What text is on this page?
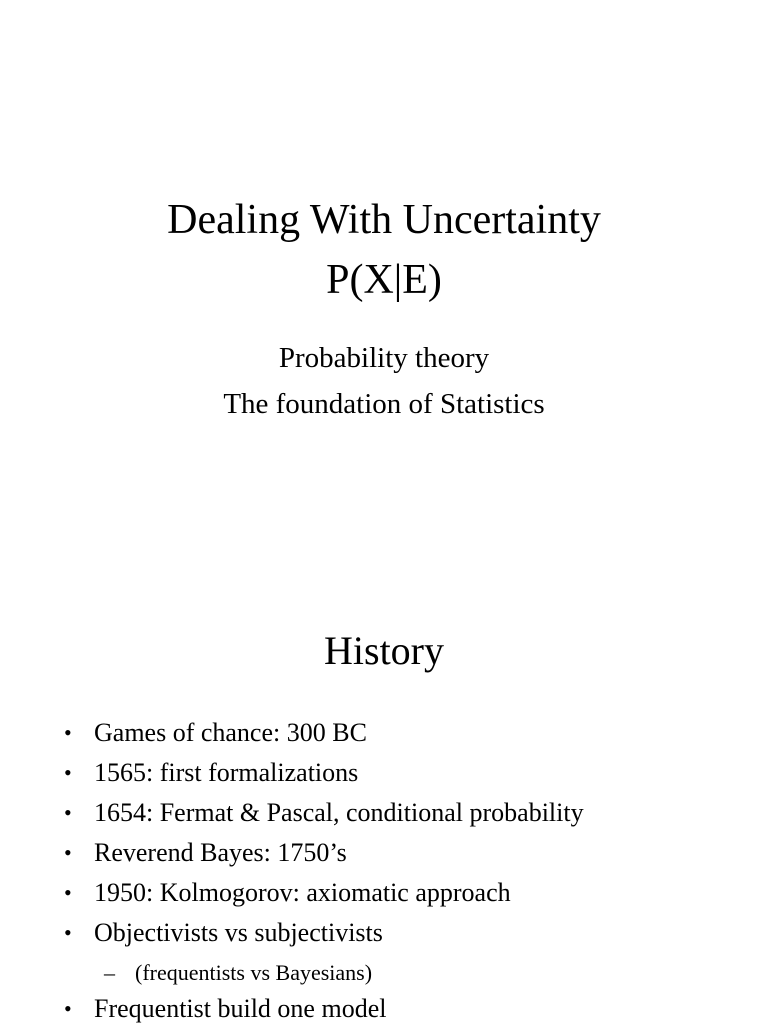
Dealing With Uncertainty
P(X|E)
Probability theory
The foundation of Statistics
History
• Games of chance: 300 BC
• 1565: first formalizations
• 1654: Fermat & Pascal, conditional probability
• Reverend Bayes: 1750’s
• 1950: Kolmogorov: axiomatic approach
• Objectivists vs subjectivists
– (frequentists vs Bayesians)
• Frequentist build one model
